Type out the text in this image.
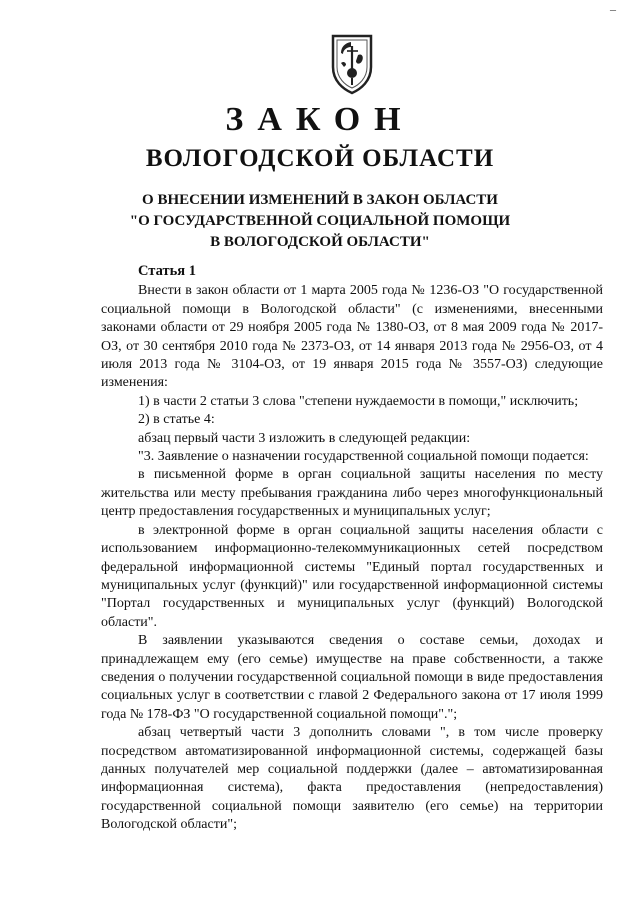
–
ЗАКОН
ВОЛОГОДСКОЙ ОБЛАСТИ
О ВНЕСЕНИИ ИЗМЕНЕНИЙ В ЗАКОН ОБЛАСТИ
"О ГОСУДАРСТВЕННОЙ СОЦИАЛЬНОЙ ПОМОЩИ
В ВОЛОГОДСКОЙ ОБЛАСТИ"
Статья 1

Внести в закон области от 1 марта 2005 года № 1236-ОЗ "О государственной социальной помощи в Вологодской области" (с изменениями, внесенными законами области от 29 ноября 2005 года № 1380-ОЗ, от 8 мая 2009 года № 2017-ОЗ, от 30 сентября 2010 года № 2373-ОЗ, от 14 января 2013 года № 2956-ОЗ, от 4 июля 2013 года № 3104-ОЗ, от 19 января 2015 года № 3557-ОЗ) следующие изменения:

1) в части 2 статьи 3 слова "степени нуждаемости в помощи," исключить;

2) в статье 4:

абзац первый части 3 изложить в следующей редакции:

"3. Заявление о назначении государственной социальной помощи подается:

в письменной форме в орган социальной защиты населения по месту жительства или месту пребывания гражданина либо через многофункциональный центр предоставления государственных и муниципальных услуг;

в электронной форме в орган социальной защиты населения области с использованием информационно-телекоммуникационных сетей посредством федеральной информационной системы "Единый портал государственных и муниципальных услуг (функций)" или государственной информационной системы "Портал государственных и муниципальных услуг (функций) Вологодской области".

В заявлении указываются сведения о составе семьи, доходах и принадлежащем ему (его семье) имуществе на праве собственности, а также сведения о получении государственной социальной помощи в виде предоставления социальных услуг в соответствии с главой 2 Федерального закона от 17 июля 1999 года № 178-ФЗ "О государственной социальной помощи".";

абзац четвертый части 3 дополнить словами ", в том числе проверку посредством автоматизированной информационной системы, содержащей базы данных получателей мер социальной поддержки (далее – автоматизированная информационная система), факта предоставления (непредоставления) государственной социальной помощи заявителю (его семье) на территории Вологодской области";
